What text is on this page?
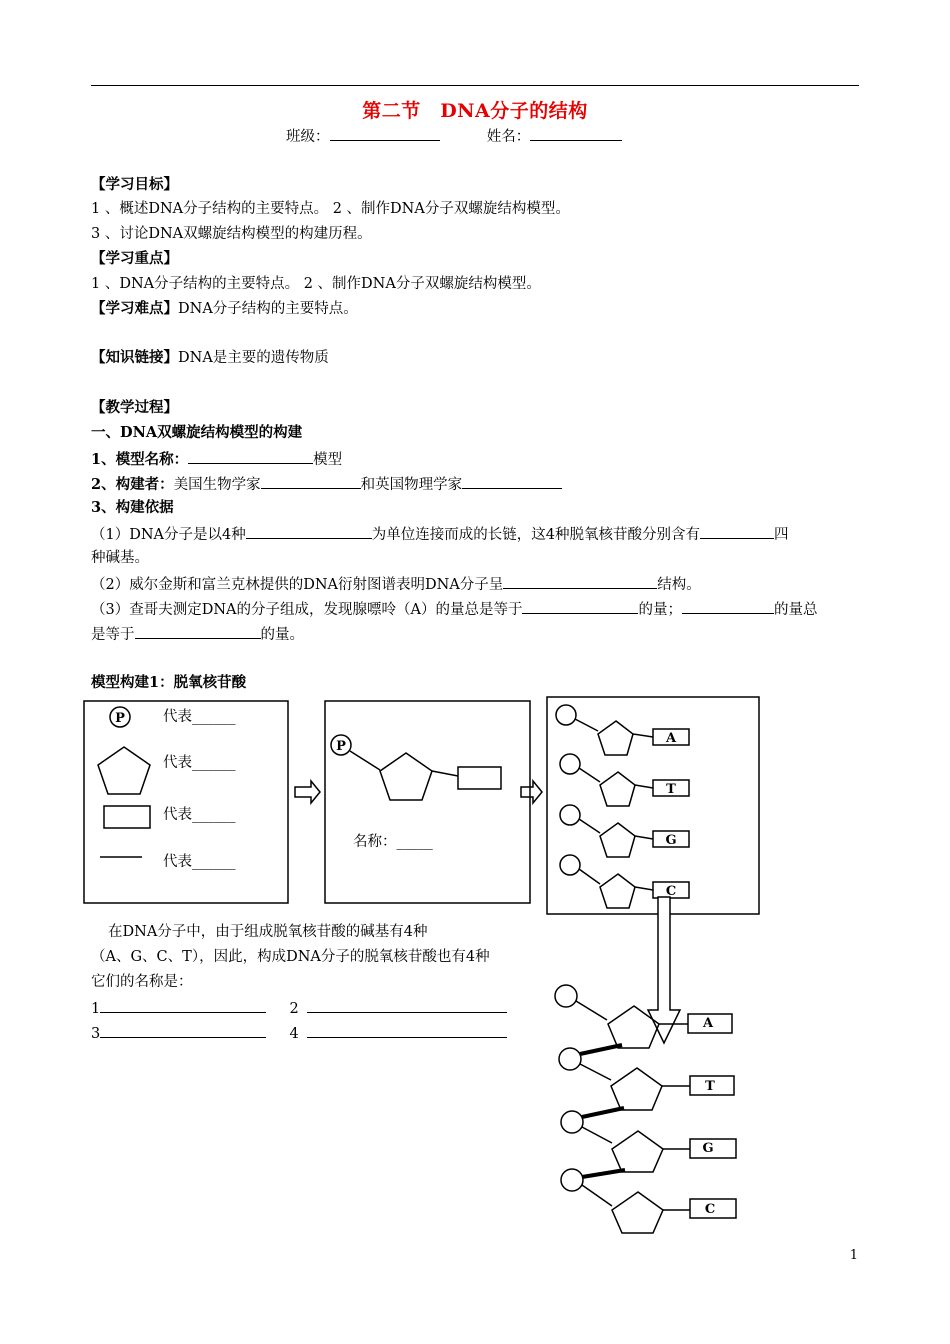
第二节　DNA分子的结构
班级：	姓名：
【学习目标】
1 、概述DNA分子结构的主要特点。 2 、制作DNA分子双螺旋结构模型。
3 、讨论DNA双螺旋结构模型的构建历程。
【学习重点】
1 、DNA分子结构的主要特点。 2 、制作DNA分子双螺旋结构模型。
【学习难点】DNA分子结构的主要特点。
【知识链接】DNA是主要的遗传物质
【教学过程】
一、DNA双螺旋结构模型的构建
1、模型名称：	模型
2、构建者：美国生物学家	和英国物理学家
3、构建依据
（1）DNA分子是以4种	为单位连接而成的长链，这4种脱氧核苷酸分别含有	四
种碱基。
（2）威尔金斯和富兰克林提供的DNA衍射图谱表明DNA分子呈	结构。
（3）查哥夫测定DNA的分子组成，发现腺嘌呤（A）的量总是等于	的量；	的量总
是等于	的量。
模型构建1：脱氧核苷酸
P
P
A
T
G
C
A
T
G
C
代表______
代表______
代表______
代表______
名称：_____
在DNA分子中，由于组成脱氧核苷酸的碱基有4种
（A、G、C、T），因此，构成DNA分子的脱氧核苷酸也有4种
它们的名称是：
1	2
3	4
1
